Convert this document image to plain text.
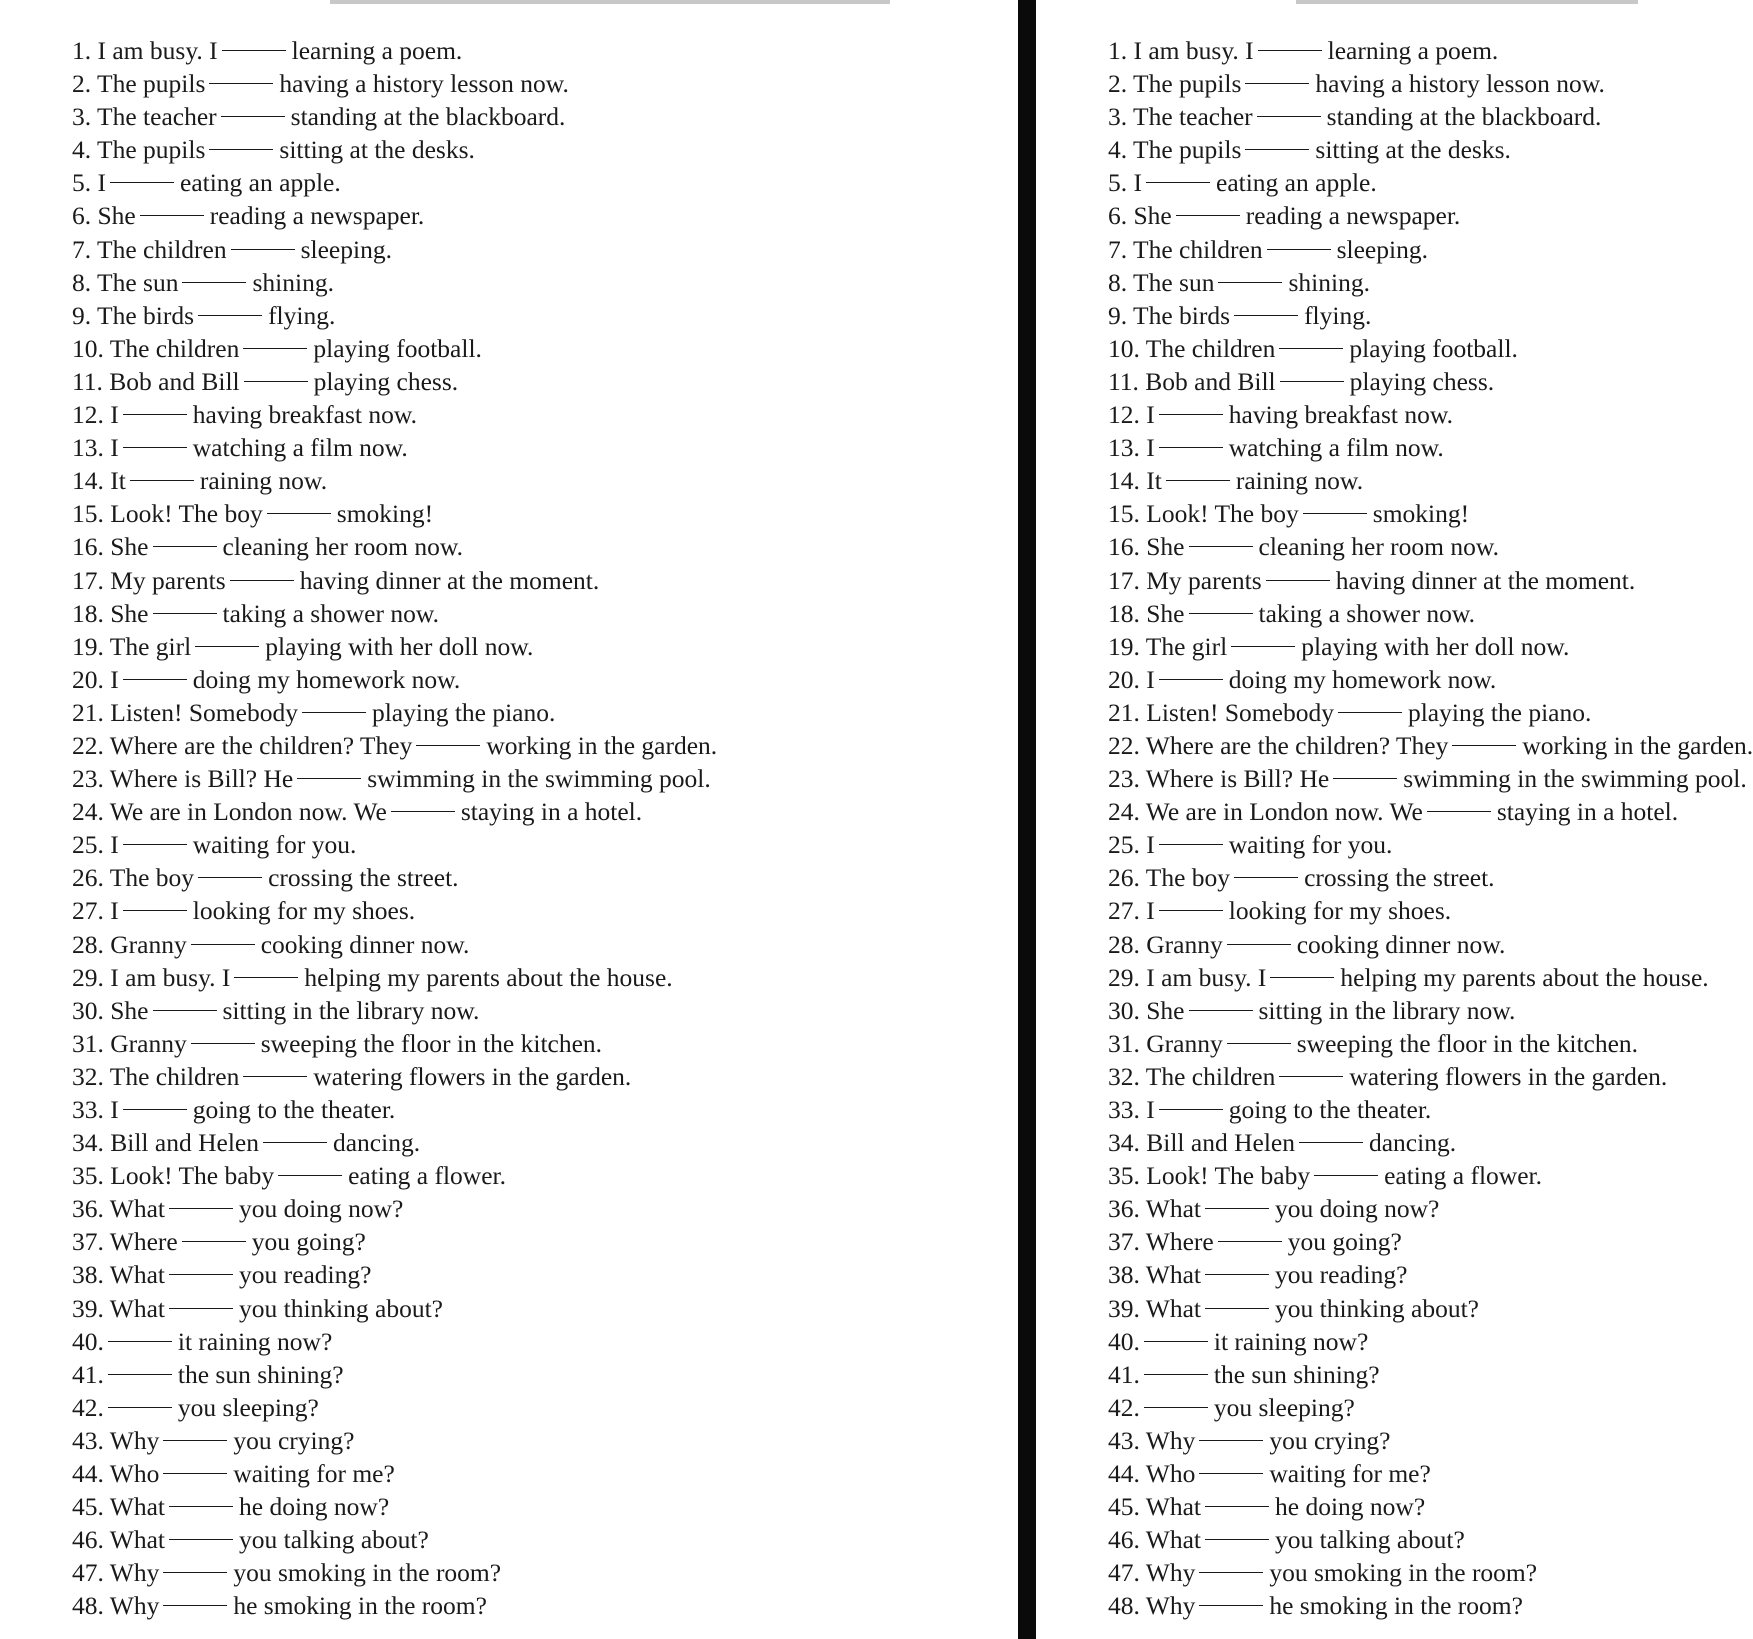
1. I am busy. I	learning a poem.
2. The pupils	having a history lesson now.
3. The teacher	standing at the blackboard.
4. The pupils	sitting at the desks.
5. I	eating an apple.
6. She	reading a newspaper.
7. The children	sleeping.
8. The sun	shining.
9. The birds	flying.
10. The children	playing football.
11. Bob and Bill	playing chess.
12. I	having breakfast now.
13. I	watching a film now.
14. It	raining now.
15. Look! The boy	smoking!
16. She	cleaning her room now.
17. My parents	having dinner at the moment.
18. She	taking a shower now.
19. The girl	playing with her doll now.
20. I	doing my homework now.
21. Listen! Somebody	playing the piano.
22. Where are the children? They	working in the garden.
23. Where is Bill? He	swimming in the swimming pool.
24. We are in London now. We	staying in a hotel.
25. I	waiting for you.
26. The boy	crossing the street.
27. I	looking for my shoes.
28. Granny	cooking dinner now.
29. I am busy. I	helping my parents about the house.
30. She	sitting in the library now.
31. Granny	sweeping the floor in the kitchen.
32. The children	watering flowers in the garden.
33. I	going to the theater.
34. Bill and Helen	dancing.
35. Look! The baby	eating a flower.
36. What	you doing now?
37. Where	you going?
38. What	you reading?
39. What	you thinking about?
40.	it raining now?
41.	the sun shining?
42.	you sleeping?
43. Why	you crying?
44. Who	waiting for me?
45. What	he doing now?
46. What	you talking about?
47. Why	you smoking in the room?
48. Why	he smoking in the room?
1. I am busy. I	learning a poem.
2. The pupils	having a history lesson now.
3. The teacher	standing at the blackboard.
4. The pupils	sitting at the desks.
5. I	eating an apple.
6. She	reading a newspaper.
7. The children	sleeping.
8. The sun	shining.
9. The birds	flying.
10. The children	playing football.
11. Bob and Bill	playing chess.
12. I	having breakfast now.
13. I	watching a film now.
14. It	raining now.
15. Look! The boy	smoking!
16. She	cleaning her room now.
17. My parents	having dinner at the moment.
18. She	taking a shower now.
19. The girl	playing with her doll now.
20. I	doing my homework now.
21. Listen! Somebody	playing the piano.
22. Where are the children? They	working in the garden.
23. Where is Bill? He	swimming in the swimming pool.
24. We are in London now. We	staying in a hotel.
25. I	waiting for you.
26. The boy	crossing the street.
27. I	looking for my shoes.
28. Granny	cooking dinner now.
29. I am busy. I	helping my parents about the house.
30. She	sitting in the library now.
31. Granny	sweeping the floor in the kitchen.
32. The children	watering flowers in the garden.
33. I	going to the theater.
34. Bill and Helen	dancing.
35. Look! The baby	eating a flower.
36. What	you doing now?
37. Where	you going?
38. What	you reading?
39. What	you thinking about?
40.	it raining now?
41.	the sun shining?
42.	you sleeping?
43. Why	you crying?
44. Who	waiting for me?
45. What	he doing now?
46. What	you talking about?
47. Why	you smoking in the room?
48. Why	he smoking in the room?
